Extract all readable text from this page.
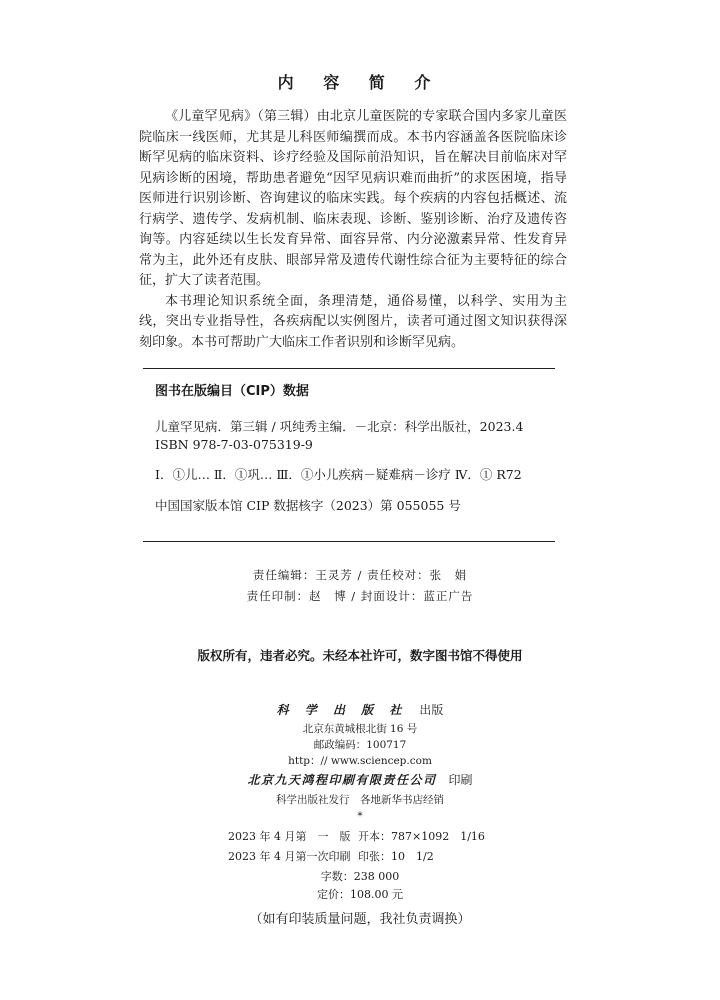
内 容 简 介

《儿童罕见病》（第三辑）由北京儿童医院的专家联合国内多家儿童医院临床一线医师，尤其是儿科医师编撰而成。本书内容涵盖各医院临床诊断罕见病的临床资料、诊疗经验及国际前沿知识，旨在解决目前临床对罕见病诊断的困境，帮助患者避免“因罕见病识难而曲折”的求医困境，指导医师进行识别诊断、咨询建议的临床实践。每个疾病的内容包括概述、流行病学、遗传学、发病机制、临床表现、诊断、鉴别诊断、治疗及遗传咨询等。内容延续以生长发育异常、面容异常、内分泌激素异常、性发育异常为主，此外还有皮肤、眼部异常及遗传代谢性综合征为主要特征的综合征，扩大了读者范围。

本书理论知识系统全面，条理清楚，通俗易懂，以科学、实用为主线，突出专业指导性，各疾病配以实例图片，读者可通过图文知识获得深刻印象。本书可帮助广大临床工作者识别和诊断罕见病。

图书在版编目（CIP）数据
儿童罕见病．第三辑 / 巩纯秀主编．－北京：科学出版社，2023.4
ISBN 978-7-03-075319-9
Ⅰ．①儿… Ⅱ．①巩… Ⅲ．①小儿疾病－疑难病－诊疗 Ⅳ．① R72
中国国家版本馆 CIP 数据核字（2023）第 055055 号
责任编辑：王灵芳 / 责任校对：张　娟
责任印制：赵　博 / 封面设计：蓝正广告
版权所有，违者必究。未经本社许可，数字图书馆不得使用
科 学 出 版 社 出版
北京东黄城根北街 16 号
邮政编码：100717
http：// www.sciencep.com
北京九天鸿程印刷有限责任公司 印刷
科学出版社发行　各地新华书店经销
*
2023 年 4 月第　一　版 开本：787×1092　1/16
2023 年 4 月第一次印刷 印张：10　1/2
字数：238 000
定价：108.00 元
（如有印装质量问题，我社负责调换）
